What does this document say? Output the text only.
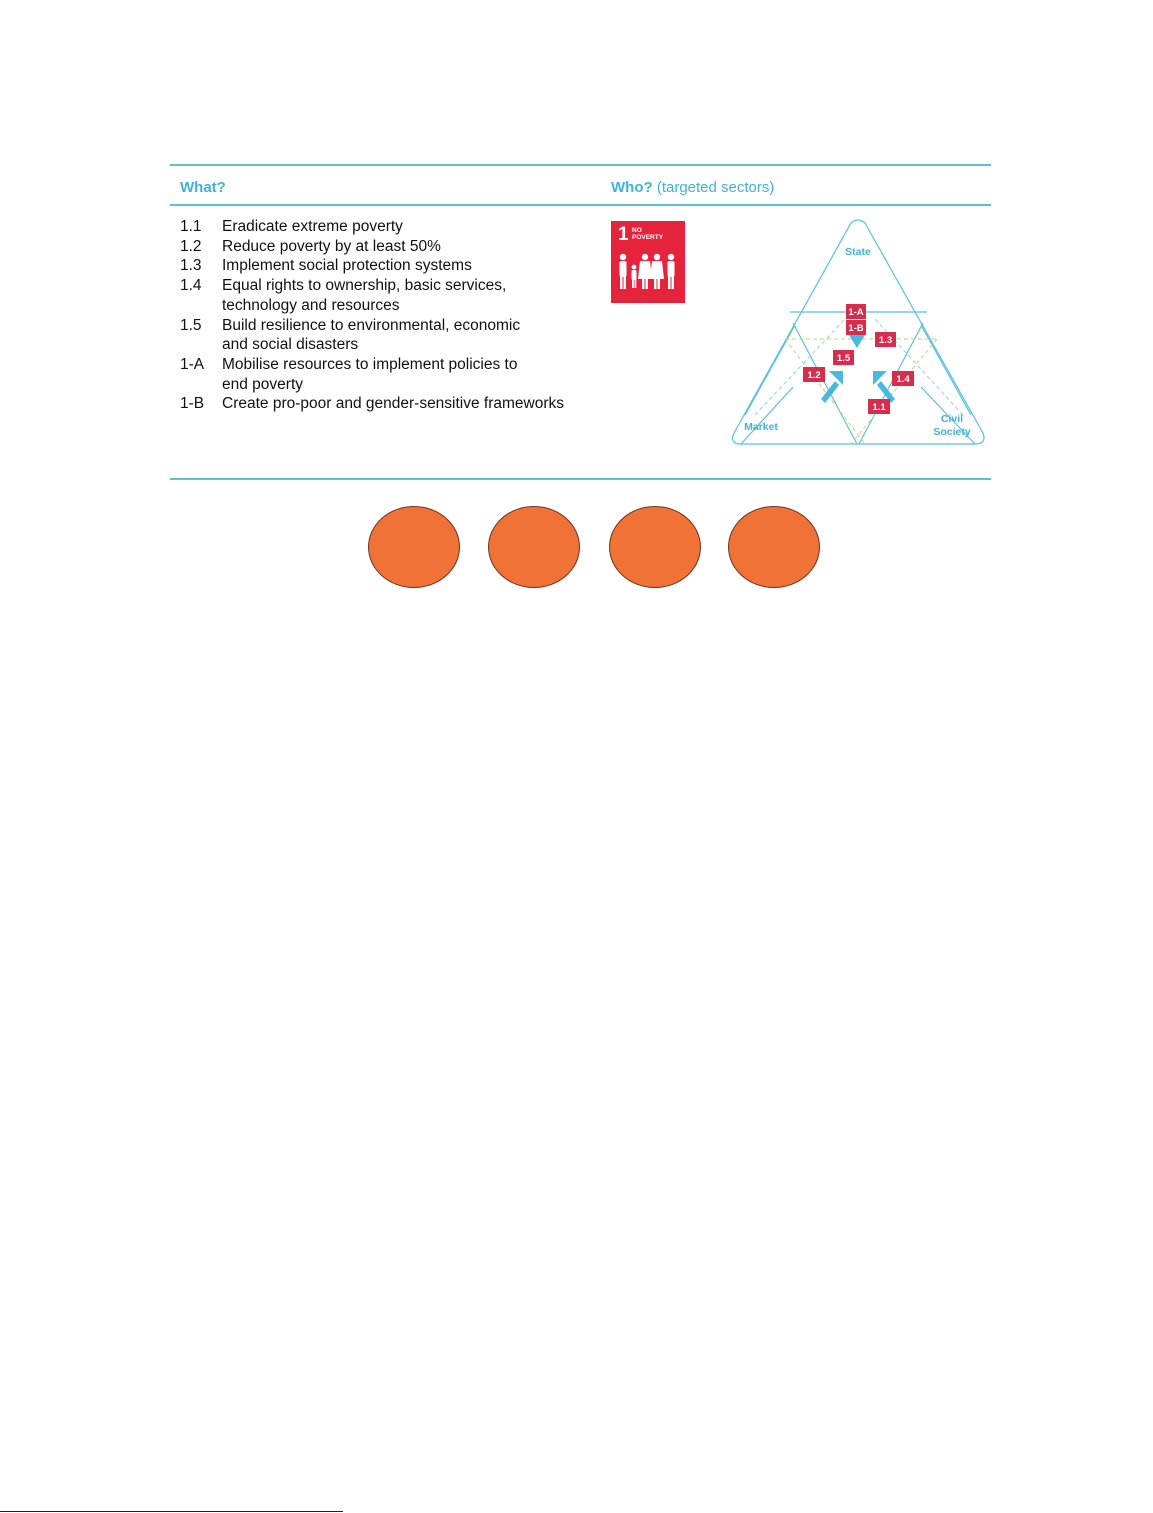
What?	Who? (targeted sectors)
1.1	Eradicate extreme poverty
1.2	Reduce poverty by at least 50%
1.3	Implement social protection systems
1.4	Equal rights to ownership, basic services,
technology and resources
1.5	Build resilience to environmental, economic
and social disasters
1-A	Mobilise resources to implement policies to
end poverty
1-B	Create pro-poor and gender-sensitive frameworks
1 NO
POVERTY
1-A
1-B
1.3
1.5
1.2	1.4
1.1
State
Market
Civil
Society
